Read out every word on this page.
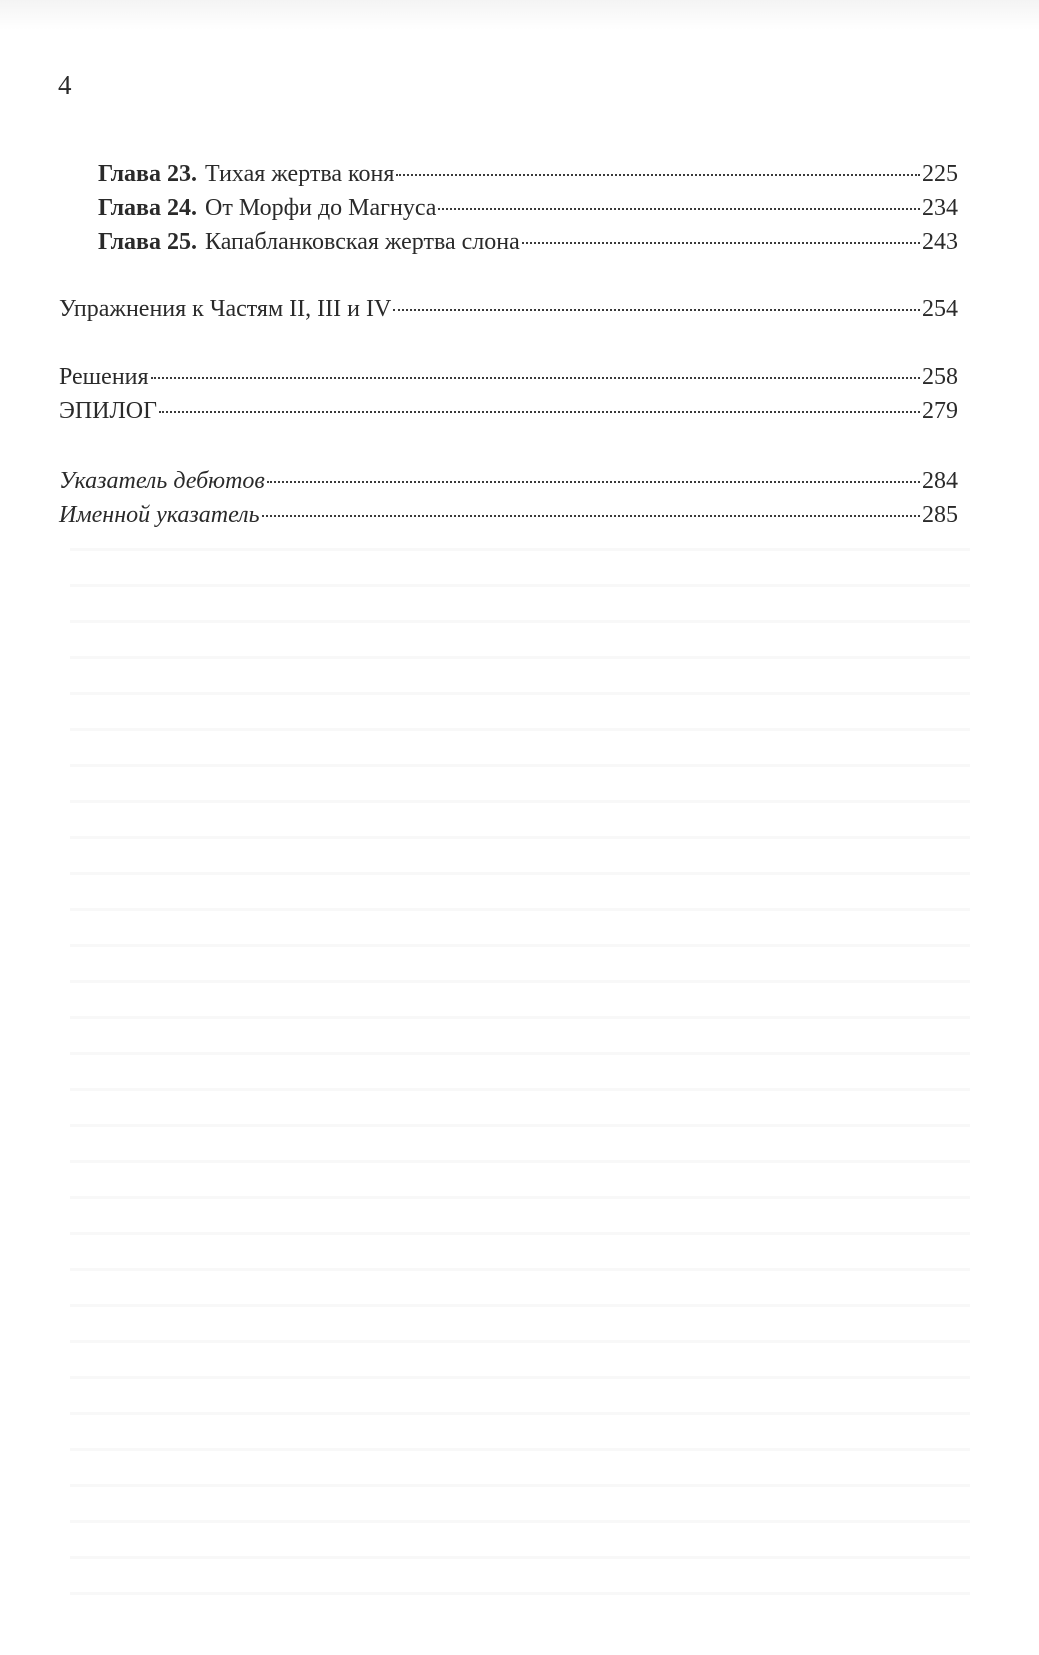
4
Глава 23. Тихая жертва коня	225
Глава 24. От Морфи до Магнуса	234
Глава 25. Капабланковская жертва слона	243
Упражнения к Частям II, III и IV	254
Решения	258
ЭПИЛОГ	279
Указатель дебютов	284
Именной указатель	285
